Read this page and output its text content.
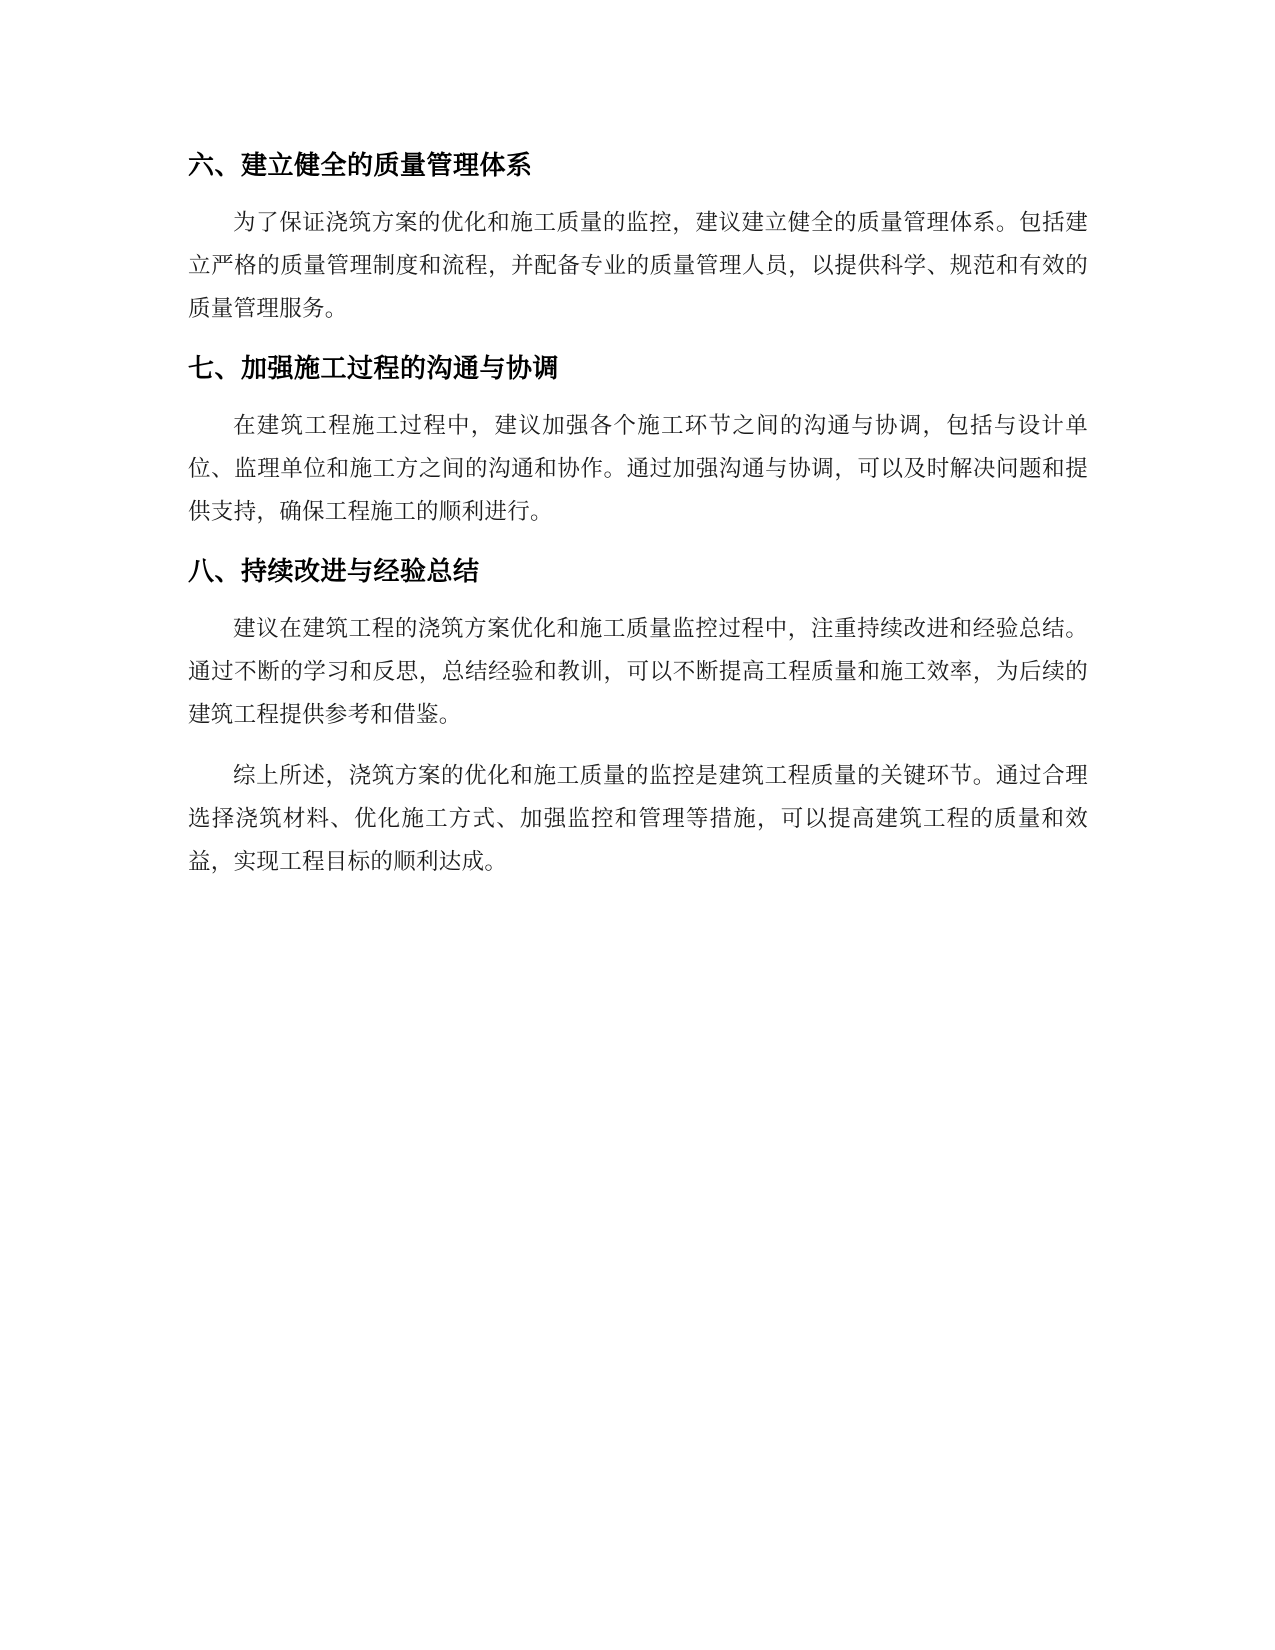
六、建立健全的质量管理体系

为了保证浇筑方案的优化和施工质量的监控，建议建立健全的质量管理体系。包括建立严格的质量管理制度和流程，并配备专业的质量管理人员，以提供科学、规范和有效的质量管理服务。

七、加强施工过程的沟通与协调

在建筑工程施工过程中，建议加强各个施工环节之间的沟通与协调，包括与设计单位、监理单位和施工方之间的沟通和协作。通过加强沟通与协调，可以及时解决问题和提供支持，确保工程施工的顺利进行。

八、持续改进与经验总结

建议在建筑工程的浇筑方案优化和施工质量监控过程中，注重持续改进和经验总结。通过不断的学习和反思，总结经验和教训，可以不断提高工程质量和施工效率，为后续的建筑工程提供参考和借鉴。

综上所述，浇筑方案的优化和施工质量的监控是建筑工程质量的关键环节。通过合理选择浇筑材料、优化施工方式、加强监控和管理等措施，可以提高建筑工程的质量和效益，实现工程目标的顺利达成。
